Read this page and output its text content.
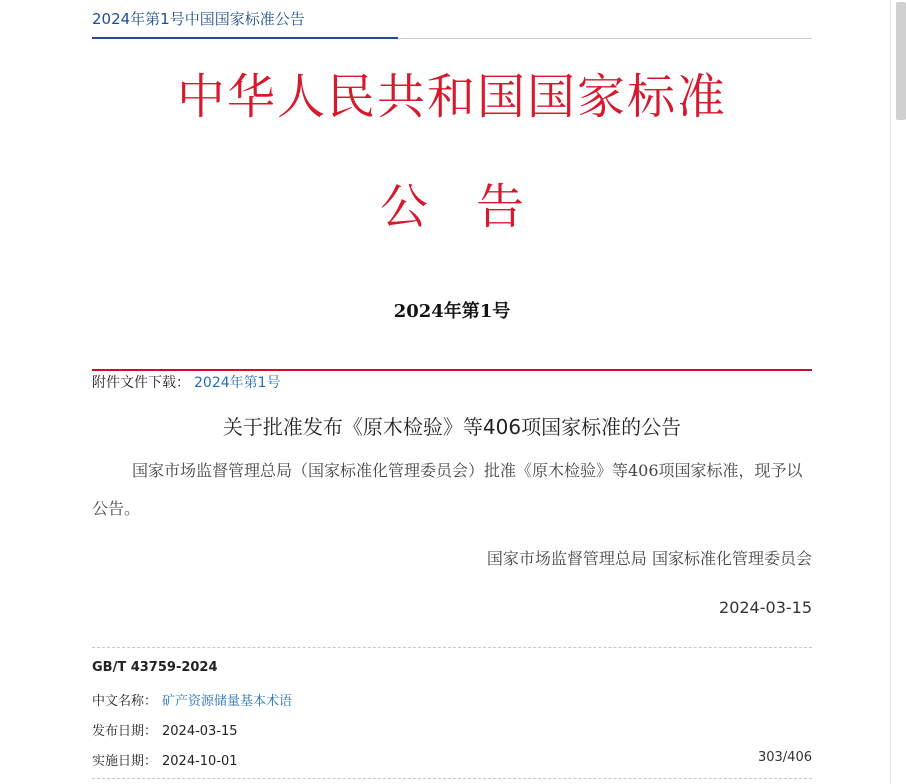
2024年第1号中国国家标准公告
中华人民共和国国家标准
公　告
2024年第1号
附件文件下载： 2024年第1号
关于批准发布《原木检验》等406项国家标准的公告

国家市场监督管理总局（国家标准化管理委员会）批准《原木检验》等406项国家标准，现予以公告。

国家市场监督管理总局 国家标准化管理委员会
2024-03-15
GB/T 43759-2024
中文名称： 矿产资源储量基本术语
发布日期： 2024-03-15
实施日期： 2024-10-01	303/406
